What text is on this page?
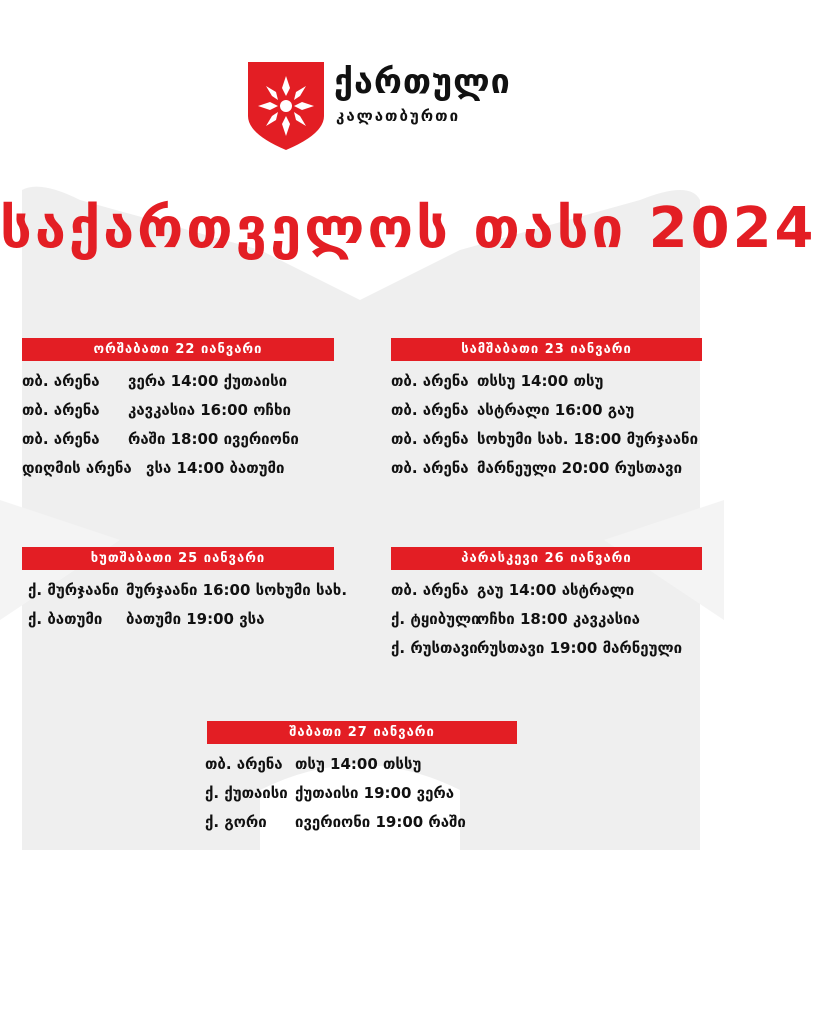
ქართული
კალათბურთი
საქართველოს თასი 2024
ორშაბათი 22 იანვარი
თბ. არენა ვერა 14:00 ქუთაისი
თბ. არენა კავკასია 16:00 ოჩხი
თბ. არენა რაში 18:00 ივერიონი
დიღმის არენა ვსა 14:00 ბათუმი
სამშაბათი 23 იანვარი
თბ. არენა თსსუ 14:00 თსუ
თბ. არენა ასტრალი 16:00 გაუ
თბ. არენა სოხუმი სახ. 18:00 მურჯაანი
თბ. არენა მარნეული 20:00 რუსთავი
ხუთშაბათი 25 იანვარი
ქ. მურჯაანი მურჯაანი 16:00 სოხუმი სახ.
ქ. ბათუმი ბათუმი 19:00 ვსა
პარასკევი 26 იანვარი
თბ. არენა გაუ 14:00 ასტრალი
ქ. ტყიბული
ოჩხი 18:00 კავკასია
ქ. რუსთავი რუსთავი 19:00 მარნეული
შაბათი 27 იანვარი
თბ. არენა თსუ 14:00 თსსუ
ქ. ქუთაისი ქუთაისი 19:00 ვერა
ქ. გორი ივერიონი 19:00 რაში
